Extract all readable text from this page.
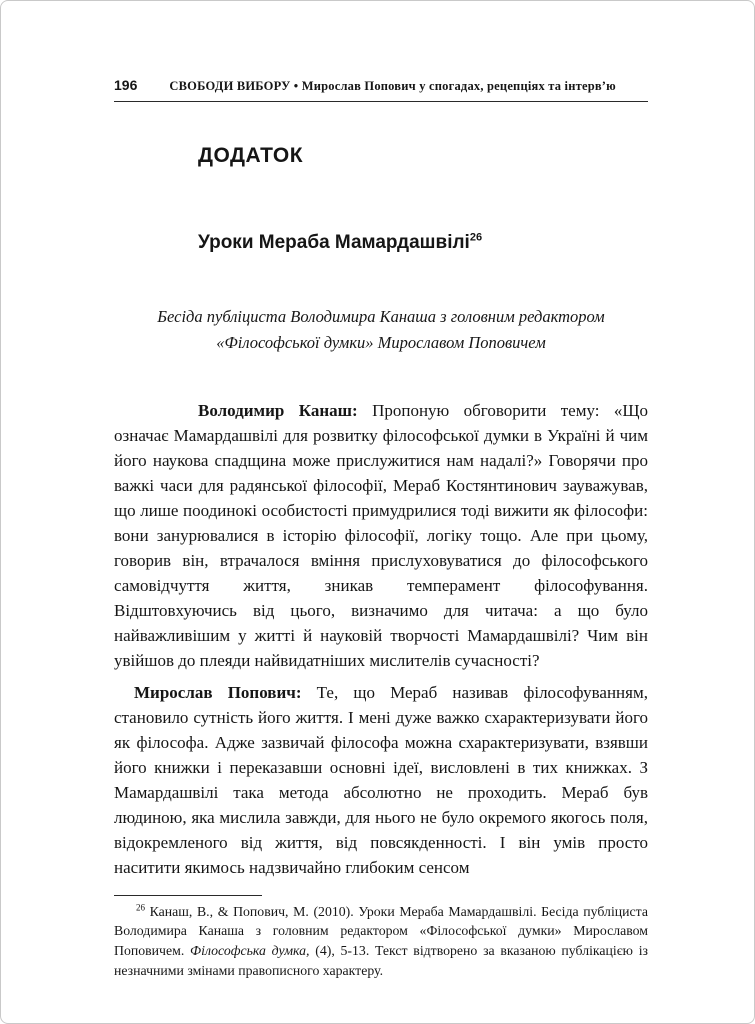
196	СВОБОДИ ВИБОРУ • Мирослав Попович у спогадах, рецепціях та інтерв’ю
ДОДАТОК
Уроки Мераба Мамардашвілі$^{26}$
Бесіда публіциста Володимира Канаша з головним редактором
«Філософської думки» Мирославом Поповичем

Володимир Канаш: Пропоную обговорити тему: «Що означає Мамардашвілі для розвитку філософської думки в Україні й чим його наукова спадщина може прислужитися нам надалі?» Говорячи про важкі часи для радянської філософії, Мераб Костянтинович зауважував, що лише поодинокі особистості примудрилися тоді вижити як філософи: вони занурювалися в історію філософії, логіку тощо. Але при цьому, говорив він, втрачалося вміння прислуховуватися до філософського самовідчуття життя, зникав темперамент філософування. Відштовхуючись від цього, визначимо для читача: а що було найважливішим у житті й науковій творчості Мамардашвілі? Чим він увійшов до плеяди найвидатніших мислителів сучасності?

Мирослав Попович: Те, що Мераб називав філософуванням, становило сутність його життя. І мені дуже важко схарактеризувати його як філософа. Адже зазвичай філософа можна схарактеризувати, взявши його книжки і переказавши основні ідеї, висловлені в тих книжках. З Мамардашвілі така метода абсолютно не проходить. Мераб був людиною, яка мислила завжди, для нього не було окремого якогось поля, відокремленого від життя, від повсякденності. І він умів просто наситити якимось надзвичайно глибоким сенсом

$^{26}$ Канаш, В., & Попович, М. (2010). Уроки Мераба Мамардашвілі. Бесіда публіциста Володимира Канаша з головним редактором «Філософської думки» Мирославом Поповичем. Філософська думка, (4), 5-13. Текст відтворено за вказаною публікацією із незначними змінами правописного характеру.
